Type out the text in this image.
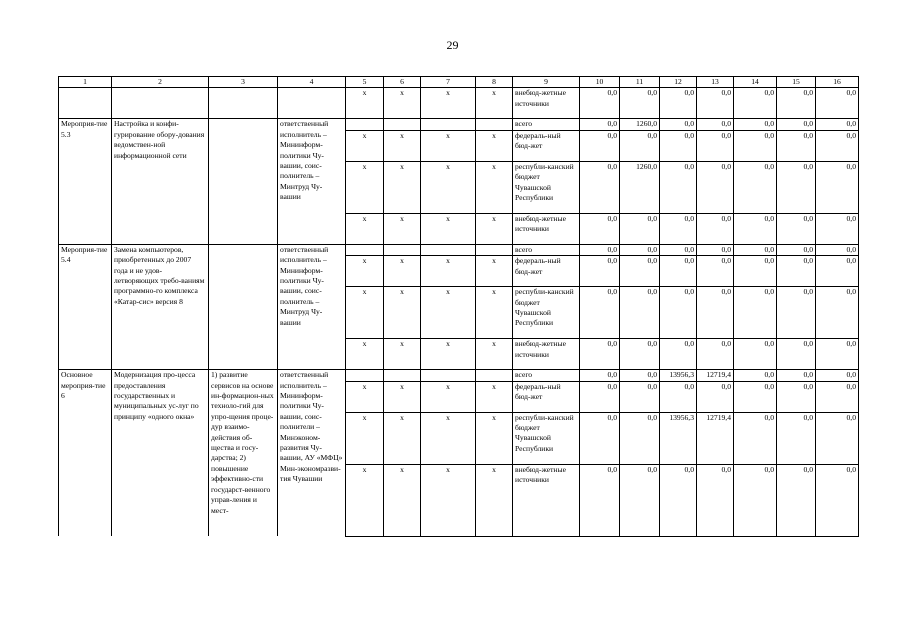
29
1	2	3	4	5	6	7	8	9	10	11	12	13	14	15	16
				x	x	x	x	внебюд-жетные источники	0,0	0,0	0,0	0,0	0,0	0,0	0,0
Мероприя-тие 5.3	Настройка и конфи-гурирование обору-дования ведомствен-ной информационной сети		ответственный исполнитель – Мининформ-политики Чу-вашии, соис-полнитель – Минтруд Чу-вашии					всего	0,0	1260,0	0,0	0,0	0,0	0,0	0,0
				x	x	x	x	федераль-ный бюд-жет	0,0	0,0	0,0	0,0	0,0	0,0	0,0
				x	x	x	x	республи-канский бюджет Чувашской Республики	0,0	1260,0	0,0	0,0	0,0	0,0	0,0
				x	x	x	x	внебюд-жетные источники	0,0	0,0	0,0	0,0	0,0	0,0	0,0
Мероприя-тие 5.4	Замена компьютеров, приобретенных до 2007 года и не удов-летворяющих требо-ваниям программно-го комплекса «Катар-сис» версия 8		ответственный исполнитель – Мининформ-политики Чу-вашии, соис-полнитель – Минтруд Чу-вашии					всего	0,0	0,0	0,0	0,0	0,0	0,0	0,0
				x	x	x	x	федераль-ный бюд-жет	0,0	0,0	0,0	0,0	0,0	0,0	0,0
				x	x	x	x	республи-канский бюджет Чувашской Республики	0,0	0,0	0,0	0,0	0,0	0,0	0,0
				x	x	x	x	внебюд-жетные источники	0,0	0,0	0,0	0,0	0,0	0,0	0,0
Основное мероприя-тие 6	Модернизация про-цесса предоставления государственных и муниципальных ус-луг по принципу «одного окна»	1) развитие сервисов на основе ин-формацион-ных техноло-гий для упро-щения проце-дур взаимо-действия об-щества и госу-дарства; 2) повышение эффективно-сти государст-венного управ-ления и мест-	ответственный исполнитель – Мининформ-политики Чу-вашии, соис-полнители – Минэконом-развития Чу-вашии, АУ «МФЦ» Мин-экономразви-тия Чувашии					всего	0,0	0,0	13956,3	12719,4	0,0	0,0	0,0
				x	x	x	x	федераль-ный бюд-жет	0,0	0,0	0,0	0,0	0,0	0,0	0,0
				x	x	x	x	республи-канский бюджет Чувашской Республики	0,0	0,0	13956,3	12719,4	0,0	0,0	0,0
				x	x	x	x	внебюд-жетные источники	0,0	0,0	0,0	0,0	0,0	0,0	0,0
